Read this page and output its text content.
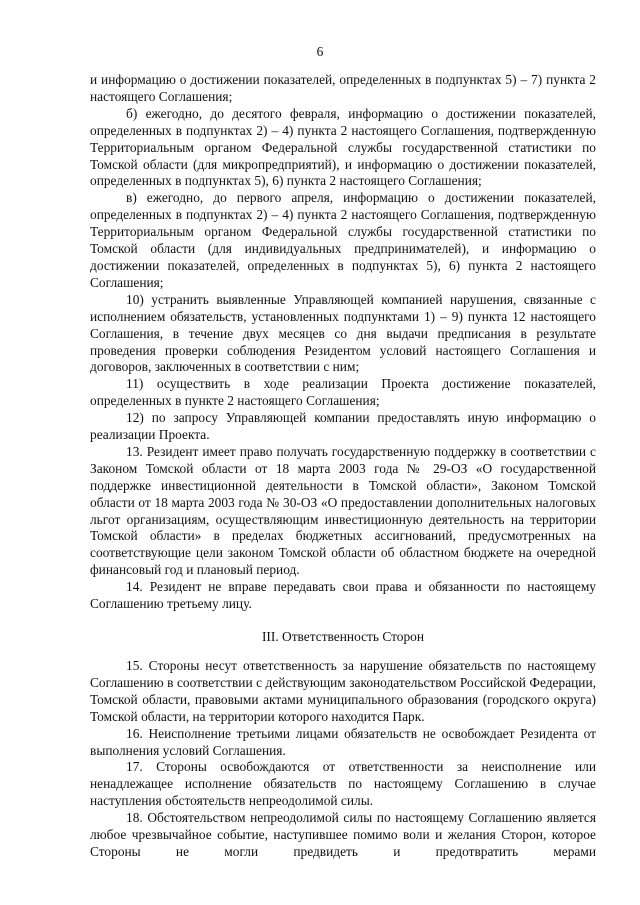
6

и информацию о достижении показателей, определенных в подпунктах 5) – 7) пункта 2 настоящего Соглашения;

б) ежегодно, до десятого февраля, информацию о достижении показателей, определенных в подпунктах 2) – 4) пункта 2 настоящего Соглашения, подтвержденную Территориальным органом Федеральной службы государственной статистики по Томской области (для микропредприятий), и информацию о достижении показателей, определенных в подпунктах 5), 6) пункта 2 настоящего Соглашения;

в) ежегодно, до первого апреля, информацию о достижении показателей, определенных в подпунктах 2) – 4) пункта 2 настоящего Соглашения, подтвержденную Территориальным органом Федеральной службы государственной статистики по Томской области (для индивидуальных предпринимателей), и информацию о достижении показателей, определенных в подпунктах 5), 6) пункта 2 настоящего Соглашения;

10) устранить выявленные Управляющей компанией нарушения, связанные с исполнением обязательств, установленных подпунктами 1) – 9) пункта 12 настоящего Соглашения, в течение двух месяцев со дня выдачи предписания в результате проведения проверки соблюдения Резидентом условий настоящего Соглашения и договоров, заключенных в соответствии с ним;

11) осуществить в ходе реализации Проекта достижение показателей, определенных в пункте 2 настоящего Соглашения;

12) по запросу Управляющей компании предоставлять иную информацию о реализации Проекта.

13. Резидент имеет право получать государственную поддержку в соответствии с Законом Томской области от 18 марта 2003 года № 29-ОЗ «О государственной поддержке инвестиционной деятельности в Томской области», Законом Томской области от 18 марта 2003 года № 30-ОЗ «О предоставлении дополнительных налоговых льгот организациям, осуществляющим инвестиционную деятельность на территории Томской области» в пределах бюджетных ассигнований, предусмотренных на соответствующие цели законом Томской области об областном бюджете на очередной финансовый год и плановый период.

14. Резидент не вправе передавать свои права и обязанности по настоящему Соглашению третьему лицу.

III. Ответственность Сторон

15. Стороны несут ответственность за нарушение обязательств по настоящему Соглашению в соответствии с действующим законодательством Российской Федерации, Томской области, правовыми актами муниципального образования (городского округа) Томской области, на территории которого находится Парк.

16. Неисполнение третьими лицами обязательств не освобождает Резидента от выполнения условий Соглашения.

17. Стороны освобождаются от ответственности за неисполнение или ненадлежащее исполнение обязательств по настоящему Соглашению в случае наступления обстоятельств непреодолимой силы.

18. Обстоятельством непреодолимой силы по настоящему Соглашению является любое чрезвычайное событие, наступившее помимо воли и желания Сторон, которое Стороны не могли предвидеть и предотвратить мерами
